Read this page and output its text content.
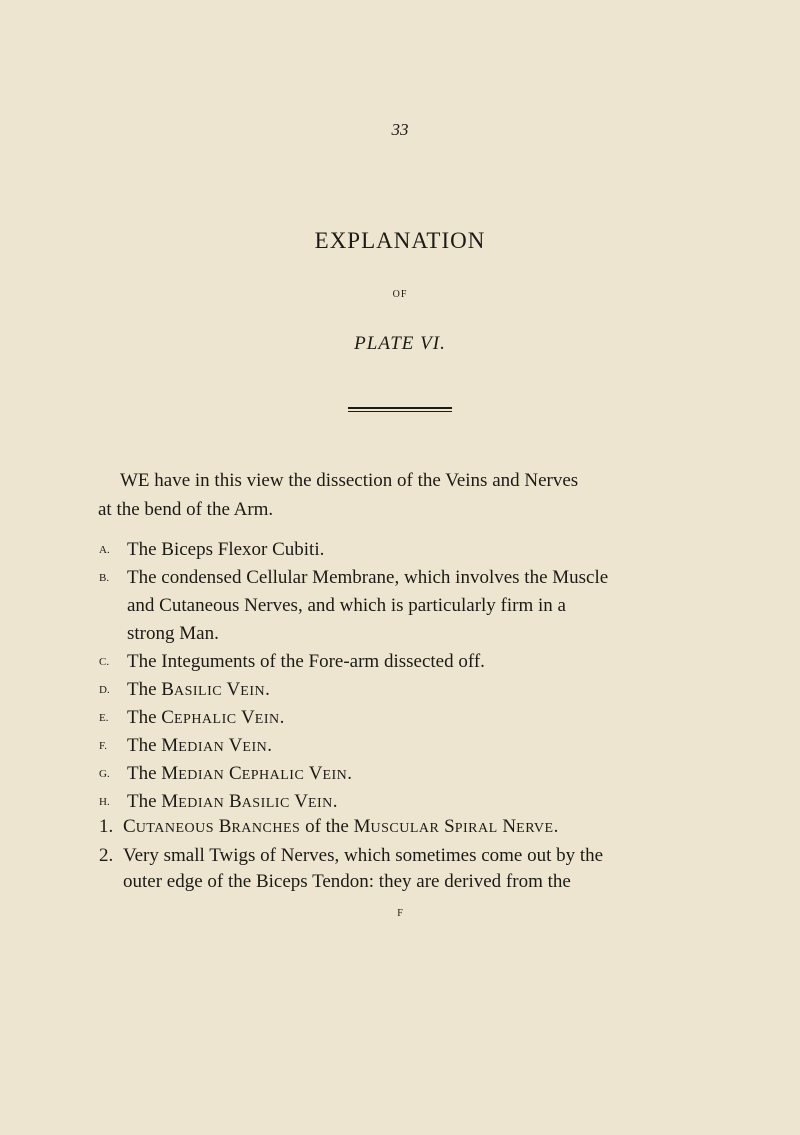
33
EXPLANATION
OF
PLATE VI.
WE have in this view the dissection of the Veins and Nerves
at the bend of the Arm.
A. The Biceps Flexor Cubiti.
B. The condensed Cellular Membrane, which involves the Muscle
and Cutaneous Nerves, and which is particularly firm in a
strong Man.
C. The Integuments of the Fore-arm dissected off.
D. The BASILIC VEIN.
E. The CEPHALIC VEIN.
F. The MEDIAN VEIN.
G. The MEDIAN CEPHALIC VEIN.
H. The MEDIAN BASILIC VEIN.
1. CUTANEOUS BRANCHES of the MUSCULAR SPIRAL NERVE.
2. Very small Twigs of Nerves, which sometimes come out by the
outer edge of the Biceps Tendon: they are derived from the
F
